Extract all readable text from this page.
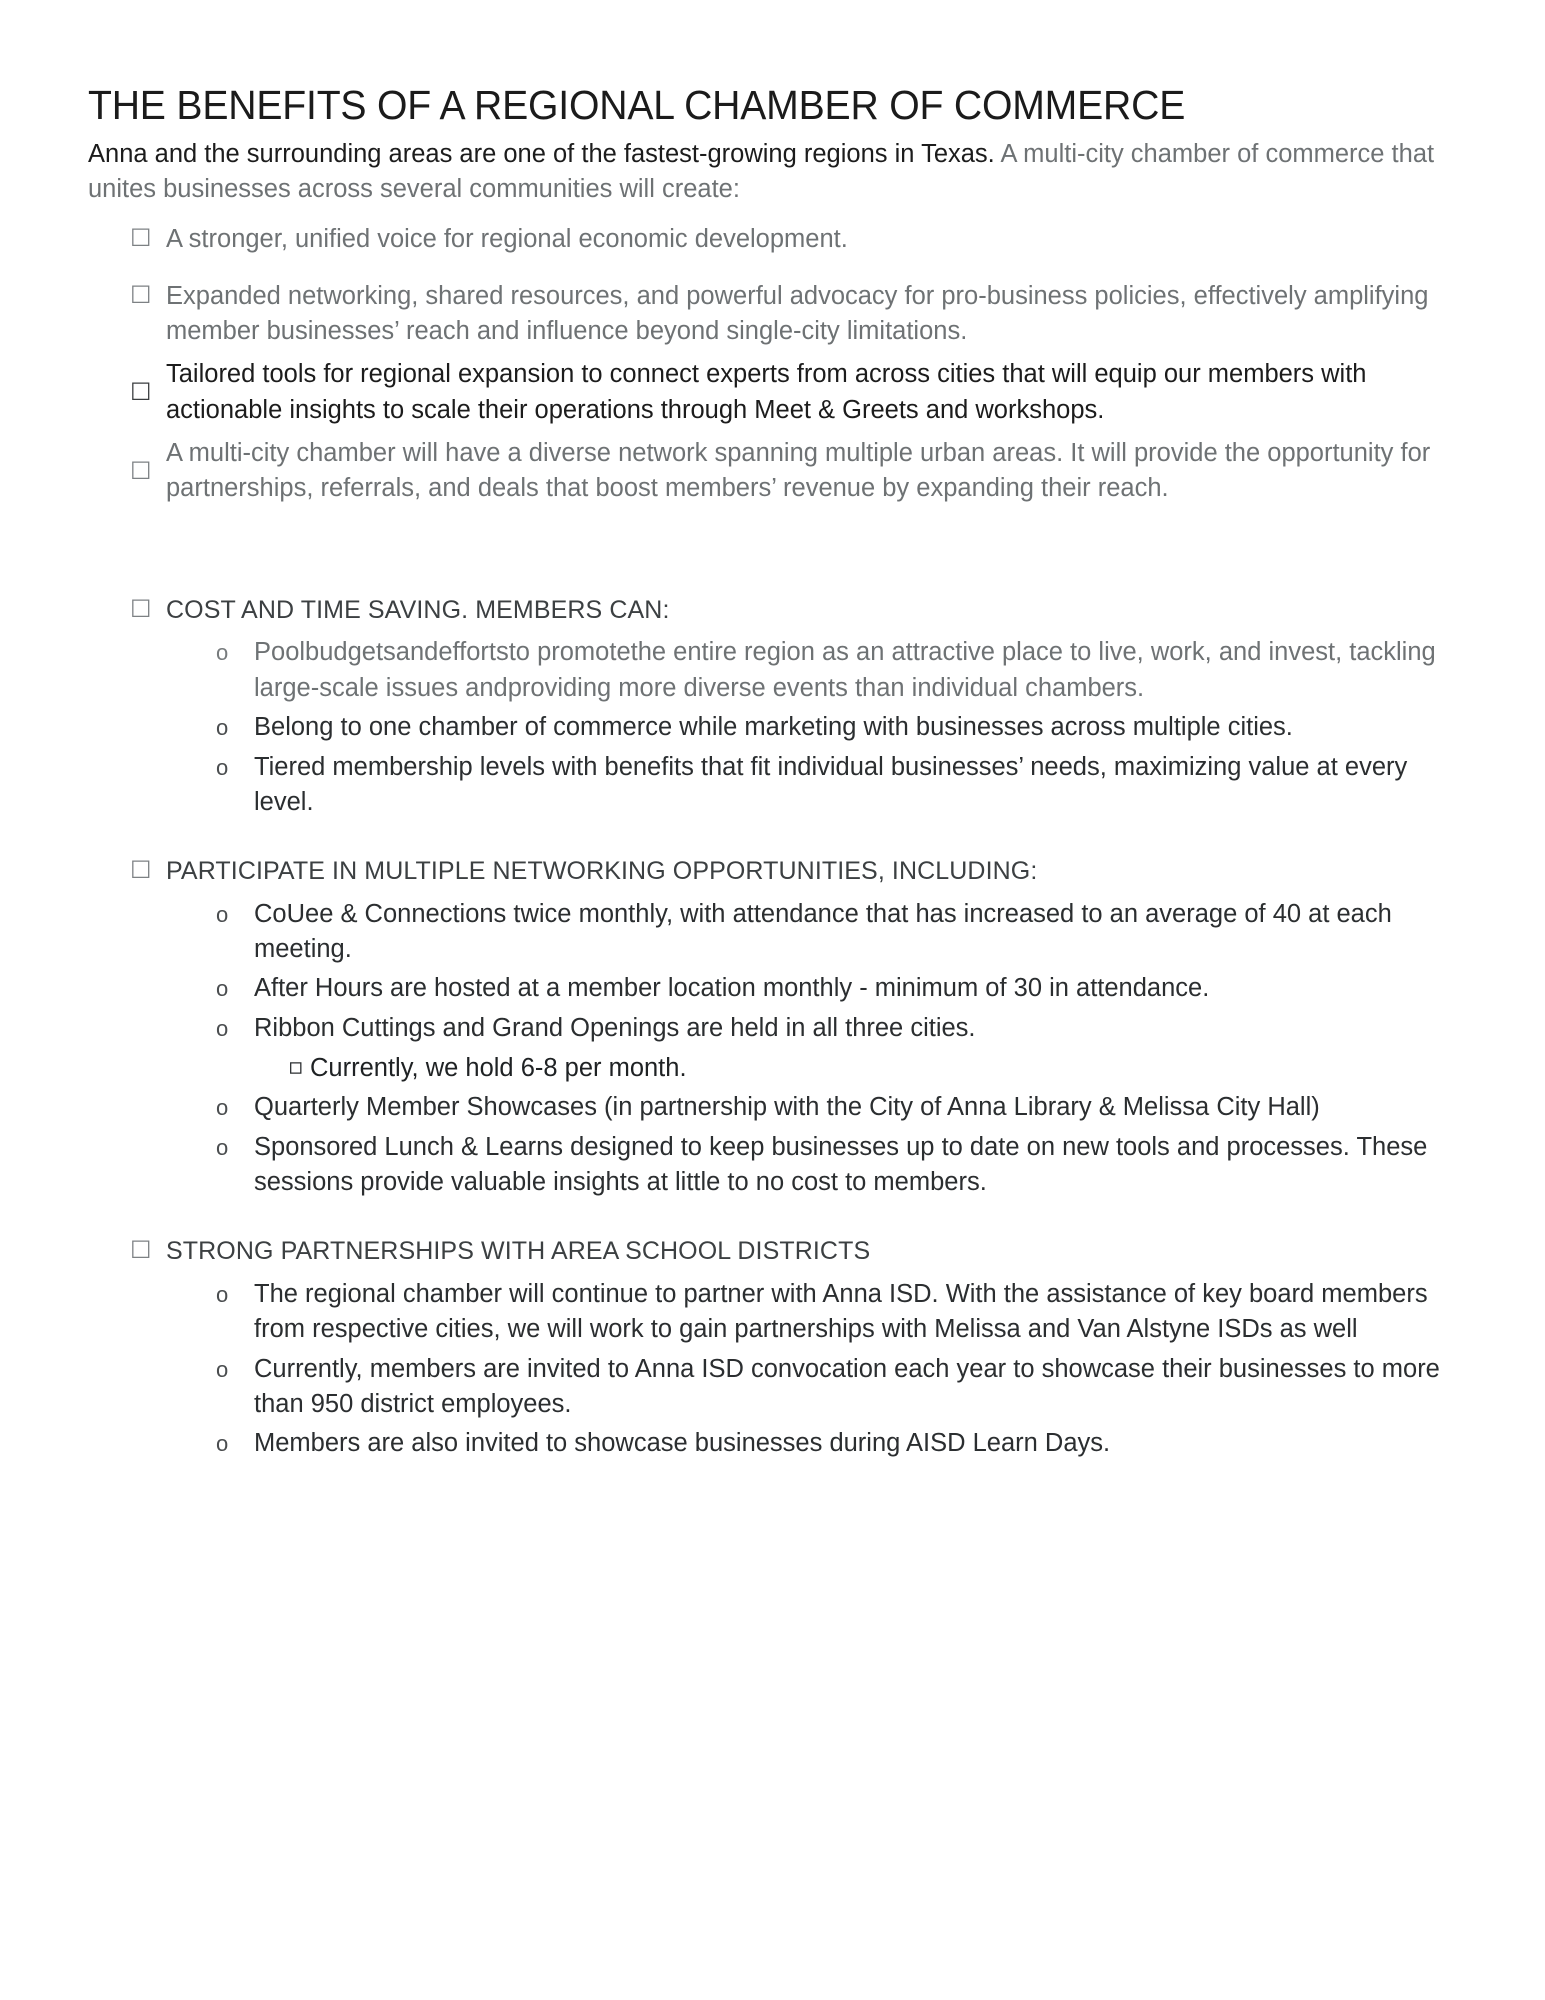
THE BENEFITS OF A REGIONAL CHAMBER OF COMMERCE

Anna and the surrounding areas are one of the fastest-growing regions in Texas. A multi-city chamber of commerce that unites businesses across several communities will create:

☐ A stronger, unified voice for regional economic development.
☐ Expanded networking, shared resources, and powerful advocacy for pro-business policies, effectively amplifying member businesses’ reach and influence beyond single-city limitations.
☐
Tailored tools for regional expansion to connect experts from across cities that will equip our members with actionable insights to scale their operations through Meet & Greets and workshops.
☐
A multi-city chamber will have a diverse network spanning multiple urban areas. It will provide the opportunity for partnerships, referrals, and deals that boost members’ revenue by expanding their reach.
☐ COST AND TIME SAVING. MEMBERS CAN:
o	Poolbudgetsandeffortsto promotethe entire region as an attractive place to live, work, and invest, tackling large-scale issues andproviding more diverse events than individual chambers.
o	Belong to one chamber of commerce while marketing with businesses across multiple cities.
o	Tiered membership levels with benefits that fit individual businesses’ needs, maximizing value at every level.
☐ PARTICIPATE IN MULTIPLE NETWORKING OPPORTUNITIES, INCLUDING:
o	CoUee & Connections twice monthly, with attendance that has increased to an average of 40 at each meeting.
o	After Hours are hosted at a member location monthly - minimum of 30 in attendance.
o	Ribbon Cuttings and Grand Openings are held in all three cities.
▫ Currently, we hold 6-8 per month.
o	Quarterly Member Showcases (in partnership with the City of Anna Library & Melissa City Hall)
o	Sponsored Lunch & Learns designed to keep businesses up to date on new tools and processes. These sessions provide valuable insights at little to no cost to members.
☐ STRONG PARTNERSHIPS WITH AREA SCHOOL DISTRICTS
o	The regional chamber will continue to partner with Anna ISD. With the assistance of key board members from respective cities, we will work to gain partnerships with Melissa and Van Alstyne ISDs as well
o	Currently, members are invited to Anna ISD convocation each year to showcase their businesses to more than 950 district employees.
o	Members are also invited to showcase businesses during AISD Learn Days.
